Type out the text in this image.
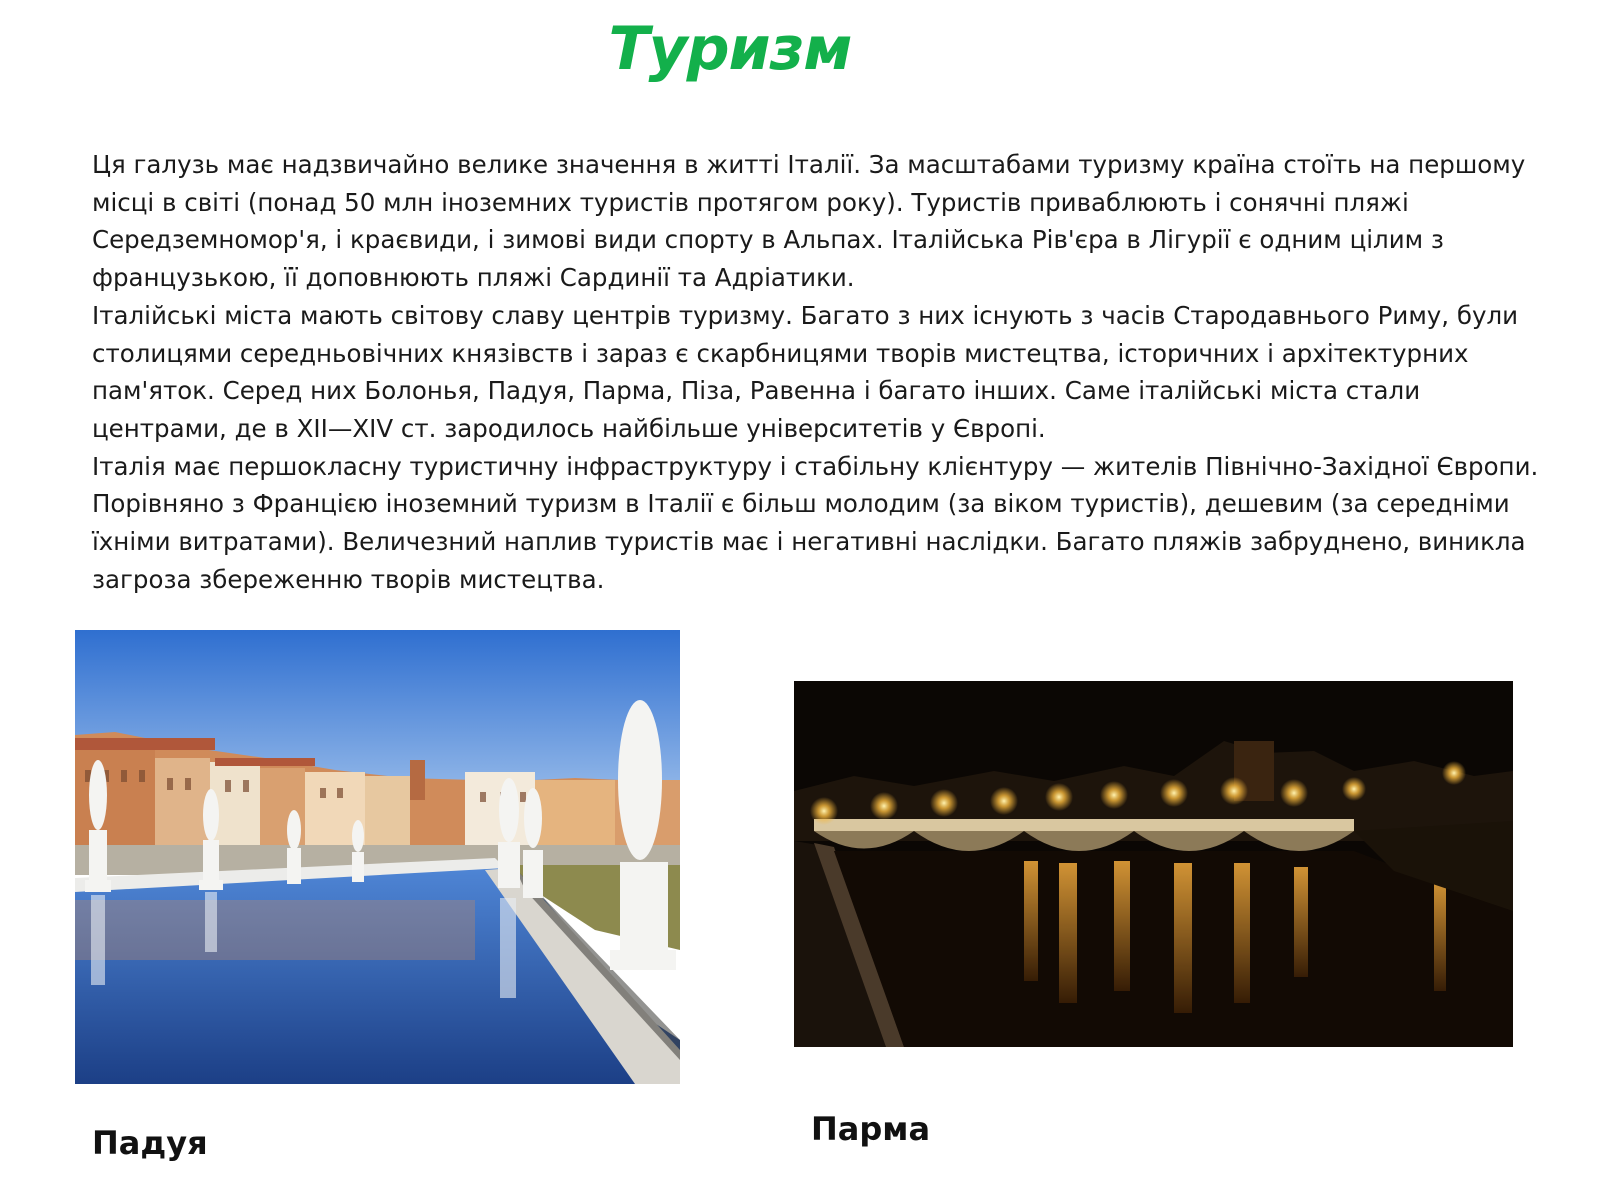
Туризм

Ця галузь має надзвичайно велике значення в житті Італії. За масштабами туризму країна стоїть на першому місці в світі (понад 50 млн іноземних туристів протягом року). Туристів приваблюють і сонячні пляжі Середземномор'я, і краєвиди, і зимові види спорту в Альпах. Італійська Рів'єра в Лігурії є одним цілим з французькою, її доповнюють пляжі Сардинії та Адріатики.

Італійські міста мають світову славу центрів туризму. Багато з них існують з часів Стародавнього Риму, були столицями середньовічних князівств і зараз є скарбницями творів мистецтва, історичних і архітектурних пам'яток. Серед них Болонья, Падуя, Парма, Піза, Равенна і багато інших. Саме італійські міста стали центрами, де в XII—XIV ст. зародилось найбільше університетів у Європі.

Італія має першокласну туристичну інфраструктуру і стабільну клієнтуру — жителів Північно-Західної Європи. Порівняно з Францією іноземний туризм в Італії є більш молодим (за віком туристів), дешевим (за середніми їхніми витратами). Величезний наплив туристів має і негативні наслідки. Багато пляжів забруднено, виникла загроза збереженню творів мистецтва.

Падуя	Парма
